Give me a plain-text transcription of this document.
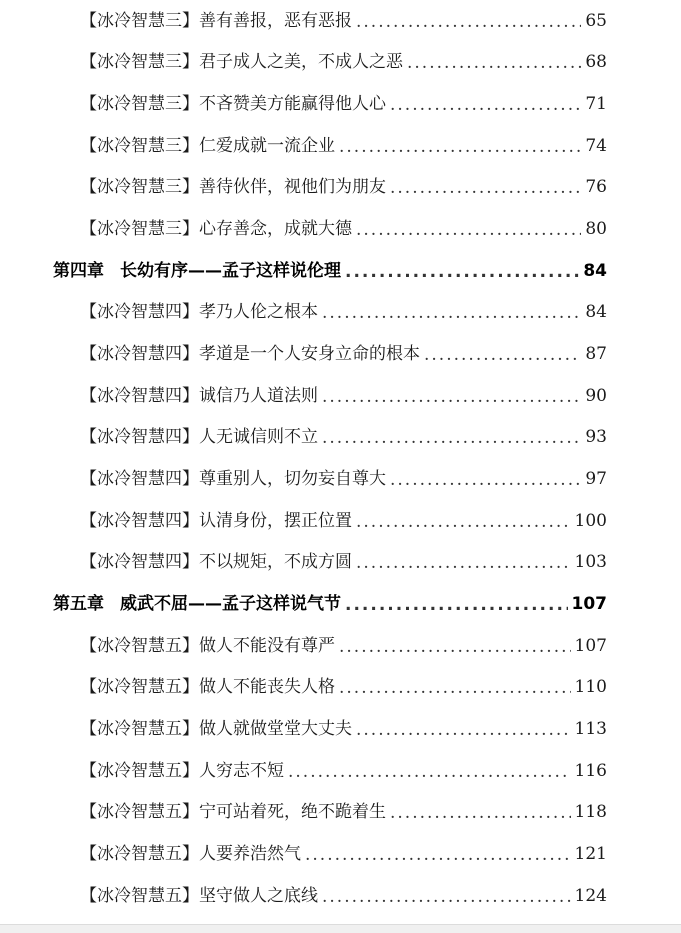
【冰冷智慧三】善有善报，恶有恶报 .....	65
【冰冷智慧三】君子成人之美，不成人之恶 .....	68
【冰冷智慧三】不吝赞美方能赢得他人心 .....	71
【冰冷智慧三】仁爱成就一流企业 .....	74
【冰冷智慧三】善待伙伴，视他们为朋友 .....	76
【冰冷智慧三】心存善念，成就大德 .....	80
第四章 长幼有序——孟子这样说伦理 .....	84
【冰冷智慧四】孝乃人伦之根本 .....	84
【冰冷智慧四】孝道是一个人安身立命的根本 .....	87
【冰冷智慧四】诚信乃人道法则 .....	90
【冰冷智慧四】人无诚信则不立 .....	93
【冰冷智慧四】尊重别人，切勿妄自尊大 .....	97
【冰冷智慧四】认清身份，摆正位置 .....	100
【冰冷智慧四】不以规矩，不成方圆 .....	103
第五章 威武不屈——孟子这样说气节 .....	107
【冰冷智慧五】做人不能没有尊严 .....	107
【冰冷智慧五】做人不能丧失人格 .....	110
【冰冷智慧五】做人就做堂堂大丈夫 .....	113
【冰冷智慧五】人穷志不短 .....	116
【冰冷智慧五】宁可站着死，绝不跪着生 .....	118
【冰冷智慧五】人要养浩然气 .....	121
【冰冷智慧五】坚守做人之底线 .....	124
